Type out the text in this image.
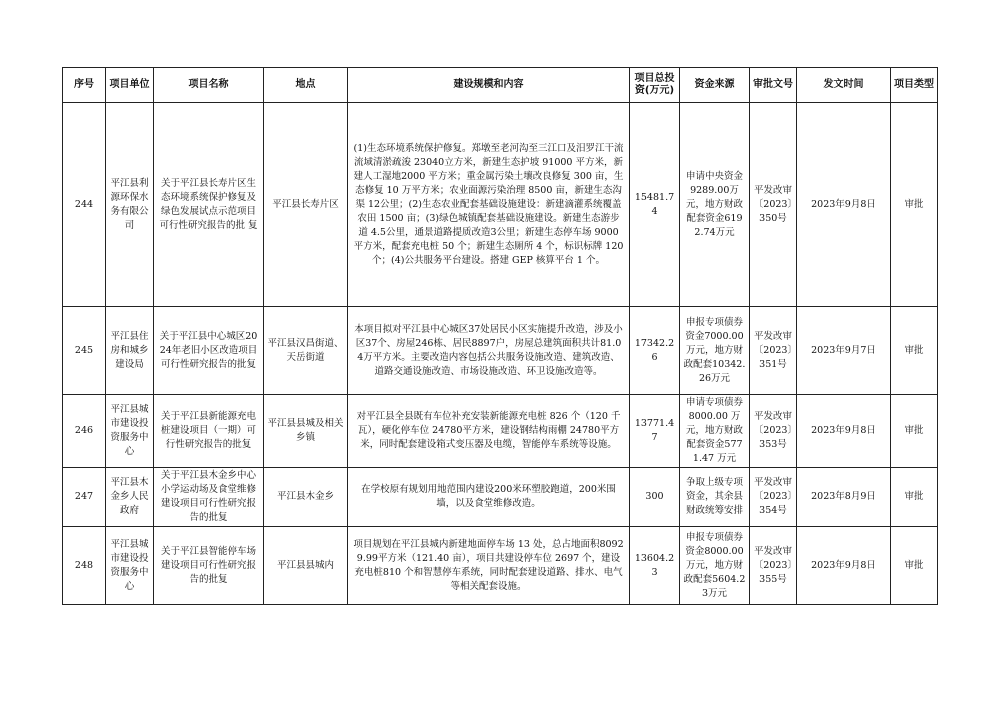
序号	项目单位	项目名称	地点	建设规模和内容	项目总投资(万元)	资金来源	审批文号	发文时间	项目类型
244	平江县利源环保水务有限公司	关于平江县长寿片区生态环境系统保护修复及绿色发展试点示范项目可行性研究报告的批 复	平江县长寿片区	(1)生态环境系统保护修复。郑墩至老河沟至三江口及汨罗江干流流域清淤疏浚 23040立方米，新建生态护坡 91000 平方米，新建人工湿地2000 平方米；重金属污染土壤改良修复 300 亩，生态修复 10 万平方米；农业面源污染治理 8500 亩，新建生态沟渠 12公里；(2)生态农业配套基础设施建设：新建滴灌系统覆盖农田 1500 亩；(3)绿色城镇配套基础设施建设。新建生态游步道 4.5公里，通景道路提质改造3公里；新建生态停车场 9000 平方米，配套充电桩 50 个；新建生态厕所 4 个，标识标牌 120 个；(4)公共服务平台建设。搭建 GEP 核算平台 1 个。	15481.74	申请中央资金9289.00万元，地方财政配套资金6192.74万元	平发改审〔2023〕350号	2023年9月8日	审批
245	平江县住房和城乡建设局	关于平江县中心城区2024年老旧小区改造项目可行性研究报告的批复	平江县汉昌街道、天岳街道	本项目拟对平江县中心城区37处居民小区实施提升改造，涉及小区37个、房屋246栋、居民8897户，房屋总建筑面积共计81.04万平方米。主要改造内容包括公共服务设施改造、建筑改造、道路交通设施改造、市场设施改造、环卫设施改造等。	17342.26	申报专项债券资金7000.00万元，地方财政配套10342.26万元	平发改审〔2023〕351号	2023年9月7日	审批
246	平江县城市建设投资服务中心	关于平江县新能源充电桩建设项目（一期）可行性研究报告的批复	平江县县城及相关乡镇	对平江县全县既有车位补充安装新能源充电桩 826 个（120 千瓦），硬化停车位 24780平方米，建设钢结构雨棚 24780平方米，同时配套建设箱式变压器及电缆，智能停车系统等设施。	13771.47	申请专项债券8000.00 万元，地方财政配套资金5771.47 万元	平发改审〔2023〕353号	2023年9月8日	审批
247	平江县木金乡人民政府	关于平江县木金乡中心小学运动场及食堂维修建设项目可行性研究报告的批复	平江县木金乡	在学校原有规划用地范围内建设200米环塑胶跑道，200米围墙，以及食堂维修改造。	300	争取上级专项资金，其余县财政统筹安排	平发改审〔2023〕354号	2023年8月9日	审批
248	平江县城市建设投资服务中心	关于平江县智能停车场建设项目可行性研究报告的批复	平江县县城内	项目规划在平江县城内新建地面停车场 13 处，总占地面积80929.99平方米（121.40 亩），项目共建设停车位 2697 个，建设充电桩810 个和智慧停车系统，同时配套建设道路、排水、电气等相关配套设施。	13604.23	申报专项债券资金8000.00 万元，地方财政配套5604.23万元	平发改审〔2023〕355号	2023年9月8日	审批
